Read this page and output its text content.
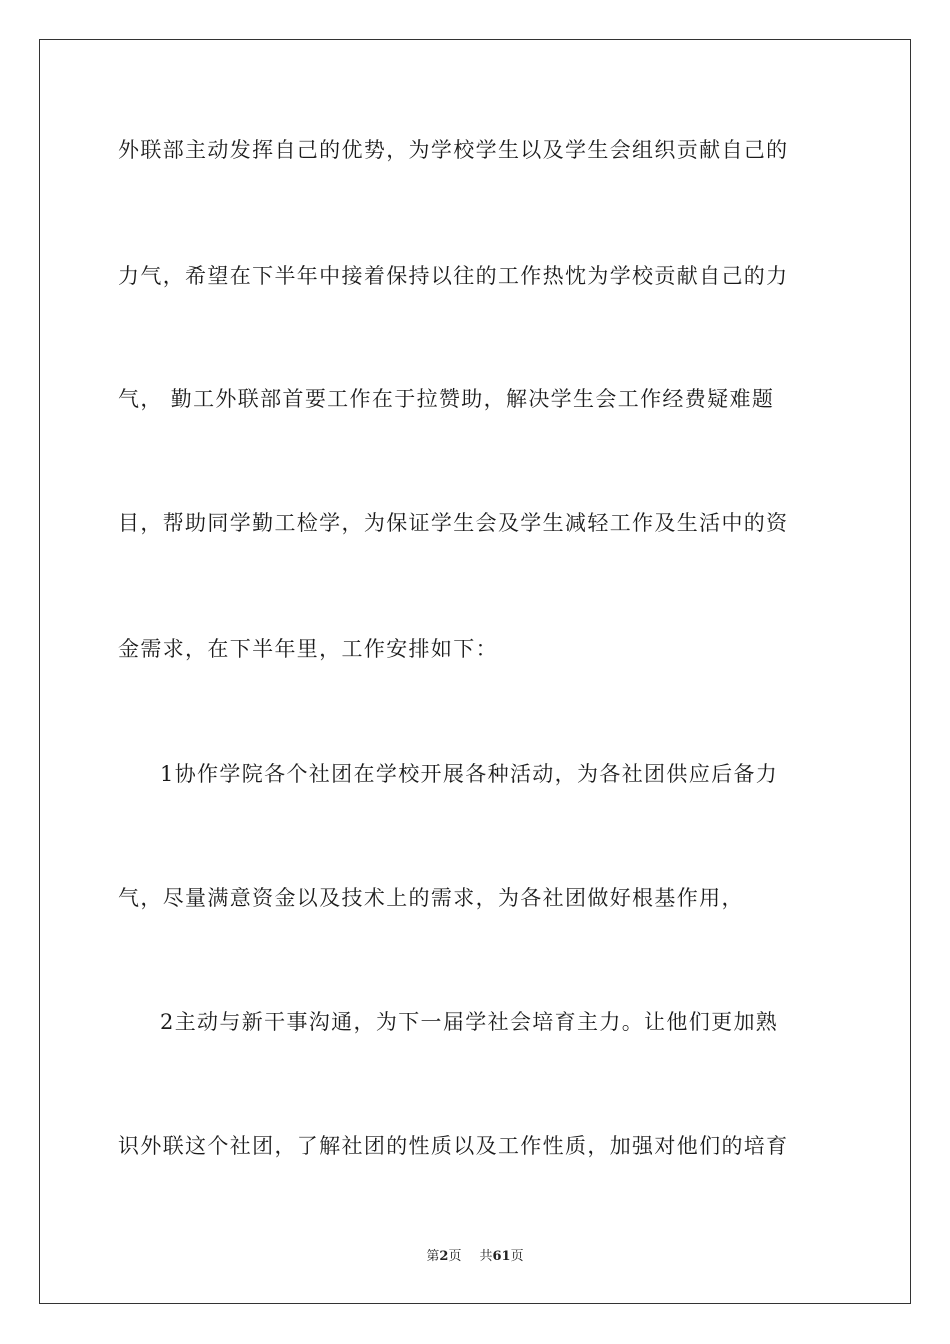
外联部主动发挥自己的优势，为学校学生以及学生会组织贡献自己的
力气，希望在下半年中接着保持以往的工作热忱为学校贡献自己的力
气， 勤工外联部首要工作在于拉赞助，解决学生会工作经费疑难题
目，帮助同学勤工检学，为保证学生会及学生减轻工作及生活中的资
金需求，在下半年里，工作安排如下：
1协作学院各个社团在学校开展各种活动，为各社团供应后备力
气，尽量满意资金以及技术上的需求，为各社团做好根基作用，
2主动与新干事沟通，为下一届学社会培育主力。让他们更加熟
识外联这个社团，了解社团的性质以及工作性质，加强对他们的培育
第2页 共61页
